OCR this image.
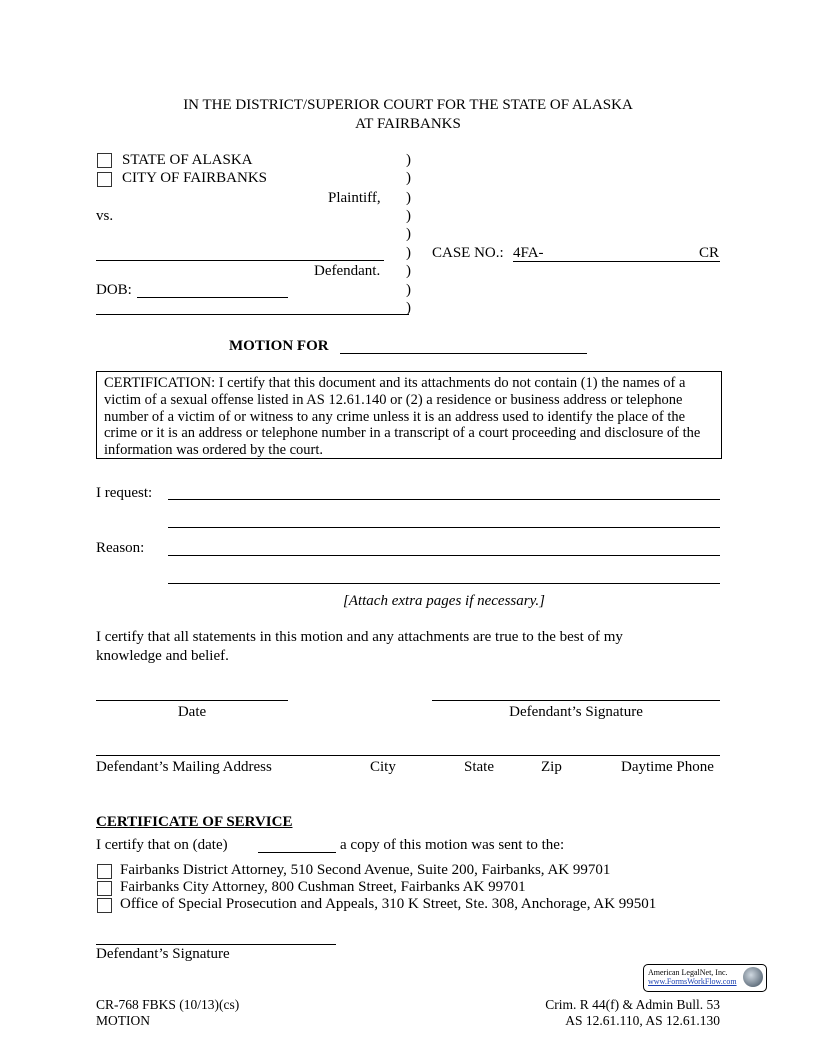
IN THE DISTRICT/SUPERIOR COURT FOR THE STATE OF ALASKA
AT FAIRBANKS
STATE OF ALASKA
CITY OF FAIRBANKS
Plaintiff,
vs.
Defendant.
DOB:
)
)
)
)
)
)
)
)
)
CASE NO.: 4FA-	CR
MOTION FOR
CERTIFICATION: I certify that this document and its attachments do not contain (1) the names of a victim of a sexual offense listed in AS 12.61.140 or (2) a residence or business address or telephone number of a victim of or witness to any crime unless it is an address used to identify the place of the crime or it is an address or telephone number in a transcript of a court proceeding and disclosure of the information was ordered by the court.
I request:
Reason:
[Attach extra pages if necessary.]
I certify that all statements in this motion and any attachments are true to the best of my knowledge and belief.
Date	Defendant’s Signature
Defendant’s Mailing Address	City	State	Zip	Daytime Phone
CERTIFICATE OF SERVICE
I certify that on (date)	a copy of this motion was sent to the:
Fairbanks District Attorney, 510 Second Avenue, Suite 200, Fairbanks, AK 99701
Fairbanks City Attorney, 800 Cushman Street, Fairbanks AK 99701
Office of Special Prosecution and Appeals, 310 K Street, Ste. 308, Anchorage, AK 99501
Defendant’s Signature
American LegalNet, Inc.
www.FormsWorkFlow.com
CR-768 FBKS (10/13)(cs)
MOTION
Crim. R 44(f) & Admin Bull. 53
AS 12.61.110, AS 12.61.130
